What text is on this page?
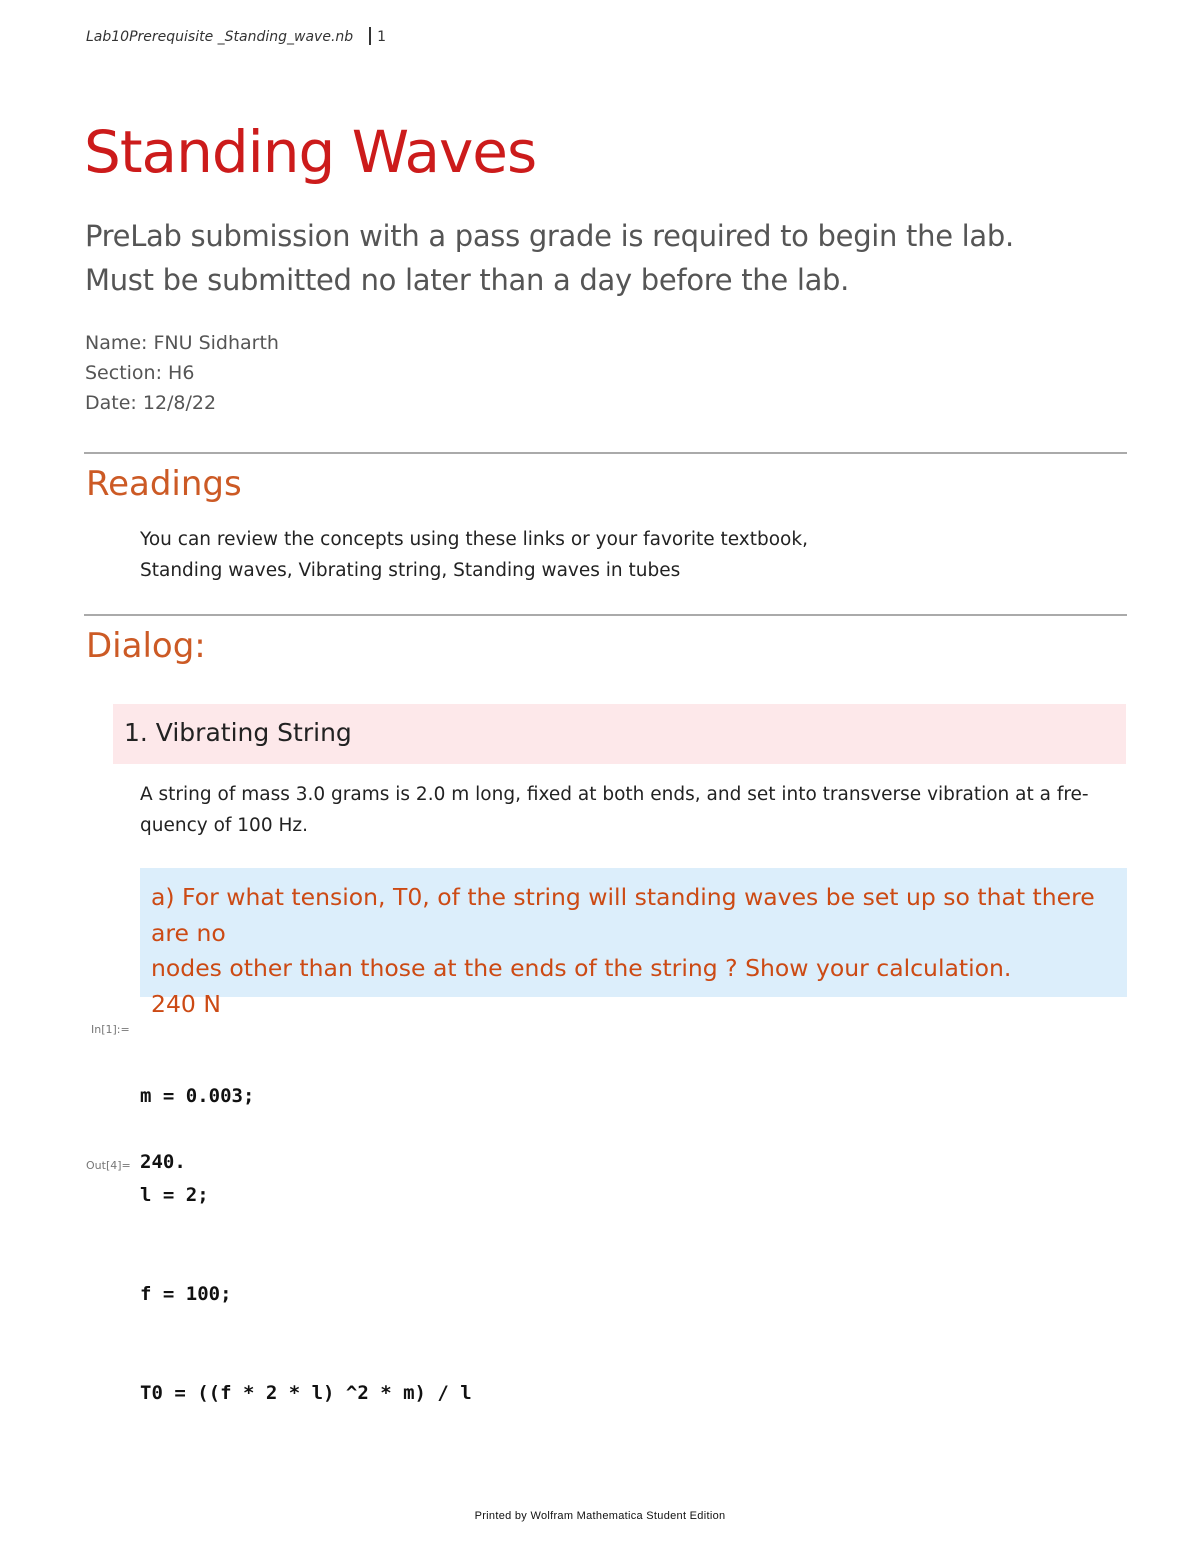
Lab10Prerequisite _Standing_wave.nb 1
Standing Waves
PreLab submission with a pass grade is required to begin the lab.
Must be submitted no later than a day before the lab.
Name: FNU Sidharth
Section: H6
Date: 12/8/22
Readings
You can review the concepts using these links or your favorite textbook,
Standing waves, Vibrating string, Standing waves in tubes
Dialog:
1. Vibrating String
A string of mass 3.0 grams is 2.0 m long, fixed at both ends, and set into transverse vibration at a fre-
quency of 100 Hz.
a) For what tension, T0, of the string will standing waves be set up so that there are no
nodes other than those at the ends of the string ? Show your calculation.
240 N
In[1]:=

m = 0.003;

l = 2;

f = 100;

T0 = ((f * 2 * l) ^2 * m) / l

Out[4]= 240.
Printed by Wolfram Mathematica Student Edition
